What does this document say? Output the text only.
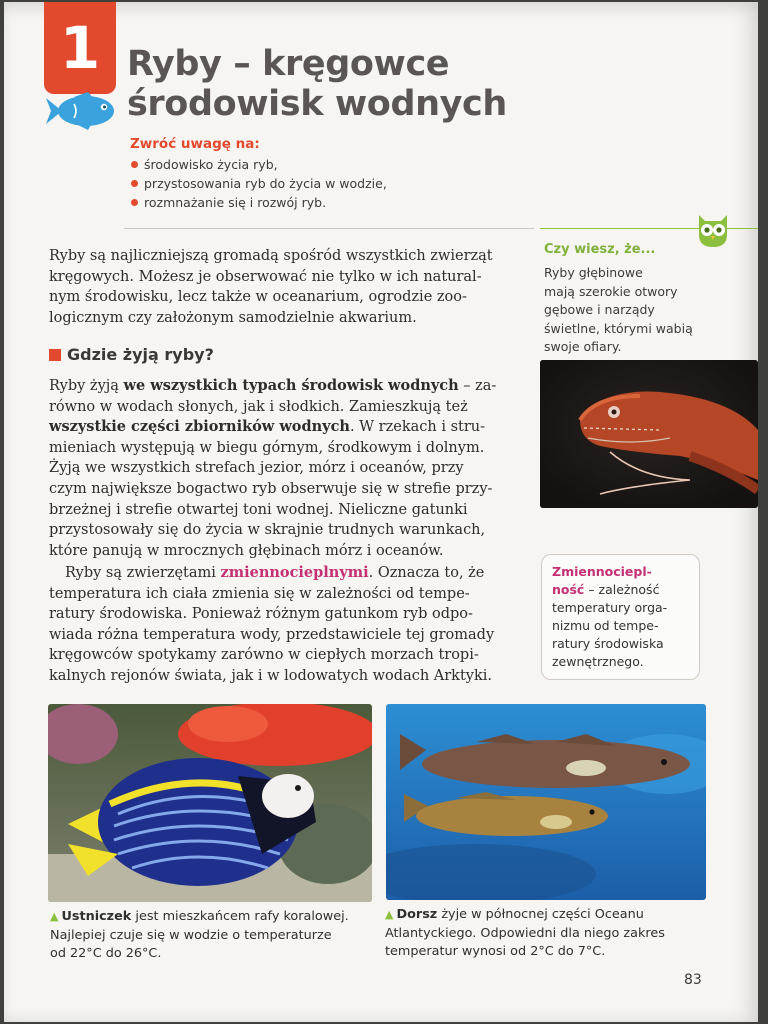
1 Ryby – kręgowce
środowisk wodnych
Zwróć uwagę na:
środowisko życia ryb,
przystosowania ryb do życia w wodzie,
rozmnażanie się i rozwój ryb.
Ryby są najliczniejszą gromadą spośród wszystkich zwierząt
kręgowych. Możesz je obserwować nie tylko w ich natural-
nym środowisku, lecz także w oceanarium, ogrodzie zoo-
logicznym czy założonym samodzielnie akwarium.
Gdzie żyją ryby?
Ryby żyją we wszystkich typach środowisk wodnych – za-
równo w wodach słonych, jak i słodkich. Zamieszkują też
wszystkie części zbiorników wodnych. W rzekach i stru-
mieniach występują w biegu górnym, środkowym i dolnym.
Żyją we wszystkich strefach jezior, mórz i oceanów, przy
czym największe bogactwo ryb obserwuje się w strefie przy-
brzeżnej i strefie otwartej toni wodnej. Nieliczne gatunki
przystosowały się do życia w skrajnie trudnych warunkach,
które panują w mrocznych głębinach mórz i oceanów.
Ryby są zwierzętami zmiennocieplnymi. Oznacza to, że
temperatura ich ciała zmienia się w zależności od tempe-
ratury środowiska. Ponieważ różnym gatunkom ryb odpo-
wiada różna temperatura wody, przedstawiciele tej gromady
kręgowców spotykamy zarówno w ciepłych morzach tropi-
kalnych rejonów świata, jak i w lodowatych wodach Arktyki.
Czy wiesz, że...
Ryby głębinowe
mają szerokie otwory
gębowe i narządy
świetlne, którymi wabią
swoje ofiary.
Zmiennociepl-
ność – zależność
temperatury orga-
nizmu od tempe-
ratury środowiska
zewnętrznego.
▲ Ustniczek jest mieszkańcem rafy koralowej.
Najlepiej czuje się w wodzie o temperaturze
od 22°C do 26°C.
▲ Dorsz żyje w północnej części Oceanu
Atlantyckiego. Odpowiedni dla niego zakres
temperatur wynosi od 2°C do 7°C.
83
